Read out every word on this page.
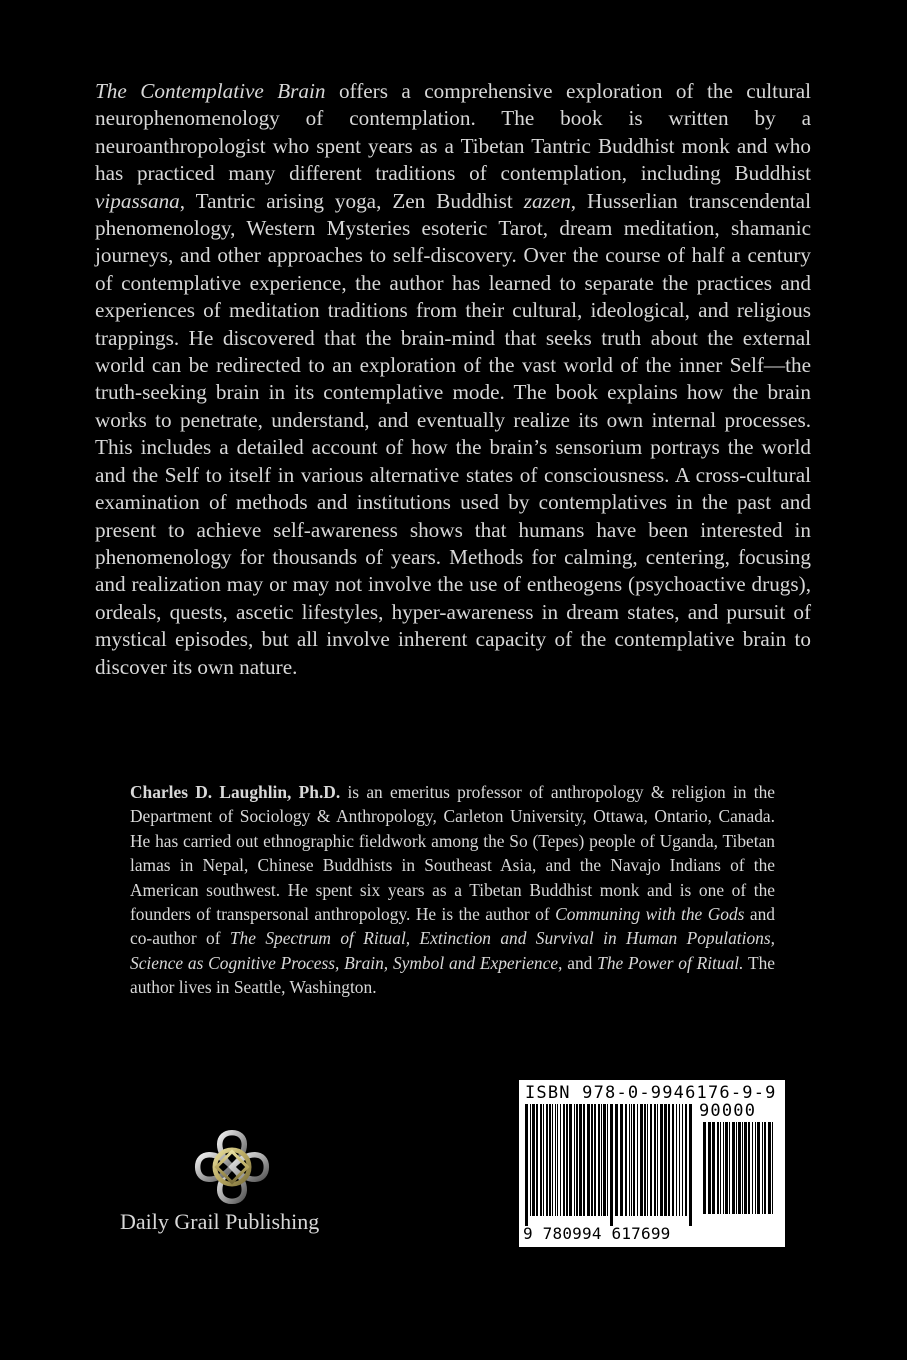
The Contemplative Brain offers a comprehensive exploration of the cultural neurophenomenology of contemplation. The book is written by a neuroanthropologist who spent years as a Tibetan Tantric Buddhist monk and who has practiced many different traditions of contemplation, including Buddhist vipassana, Tantric arising yoga, Zen Buddhist zazen, Husserlian transcendental phenomenology, Western Mysteries esoteric Tarot, dream meditation, shamanic journeys, and other approaches to self-discovery. Over the course of half a century of contemplative experience, the author has learned to separate the practices and experiences of meditation traditions from their cultural, ideological, and religious trappings. He discovered that the brain-mind that seeks truth about the external world can be redirected to an exploration of the vast world of the inner Self—the truth-seeking brain in its contemplative mode. The book explains how the brain works to penetrate, understand, and eventually realize its own internal processes. This includes a detailed account of how the brain’s sensorium portrays the world and the Self to itself in various alternative states of consciousness. A cross-cultural examination of methods and institutions used by contemplatives in the past and present to achieve self-awareness shows that humans have been interested in phenomenology for thousands of years. Methods for calming, centering, focusing and realization may or may not involve the use of entheogens (psychoactive drugs), ordeals, quests, ascetic lifestyles, hyper-awareness in dream states, and pursuit of mystical episodes, but all involve inherent capacity of the contemplative brain to discover its own nature.

Charles D. Laughlin, Ph.D. is an emeritus professor of anthropology & religion in the Department of Sociology & Anthropology, Carleton University, Ottawa, Ontario, Canada. He has carried out ethnographic fieldwork among the So (Tepes) people of Uganda, Tibetan lamas in Nepal, Chinese Buddhists in Southeast Asia, and the Navajo Indians of the American southwest. He spent six years as a Tibetan Buddhist monk and is one of the founders of transpersonal anthropology. He is the author of Communing with the Gods and co-author of The Spectrum of Ritual, Extinction and Survival in Human Populations, Science as Cognitive Process, Brain, Symbol and Experience, and The Power of Ritual. The author lives in Seattle, Washington.

ISBN 978-0-9946176-9-9
90000
9 780994 617699

Daily Grail Publishing
